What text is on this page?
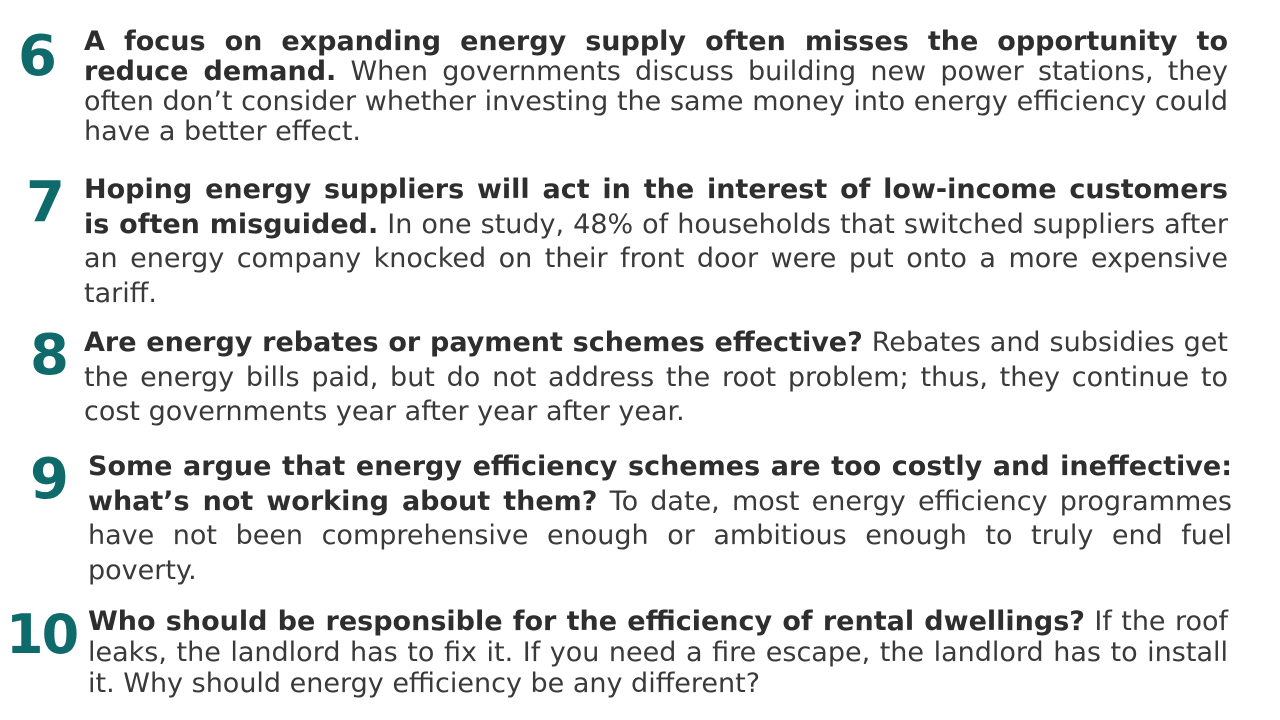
6 A focus on expanding energy supply often misses the opportunity to reduce demand. When governments discuss building new power stations, they often don’t consider whether investing the same money into energy efficiency could have a better effect.
7 Hoping energy suppliers will act in the interest of low-income customers is often misguided. In one study, 48% of households that switched suppliers after an energy company knocked on their front door were put onto a more expensive tariff.
8 Are energy rebates or payment schemes effective? Rebates and subsidies get the energy bills paid, but do not address the root problem; thus, they continue to cost governments year after year after year.
9 Some argue that energy efficiency schemes are too costly and ineffective: what’s not working about them? To date, most energy efficiency programmes have not been comprehensive enough or ambitious enough to truly end fuel poverty.
10 Who should be responsible for the efficiency of rental dwellings? If the roof leaks, the landlord has to fix it. If you need a fire escape, the landlord has to install it. Why should energy efficiency be any different?
